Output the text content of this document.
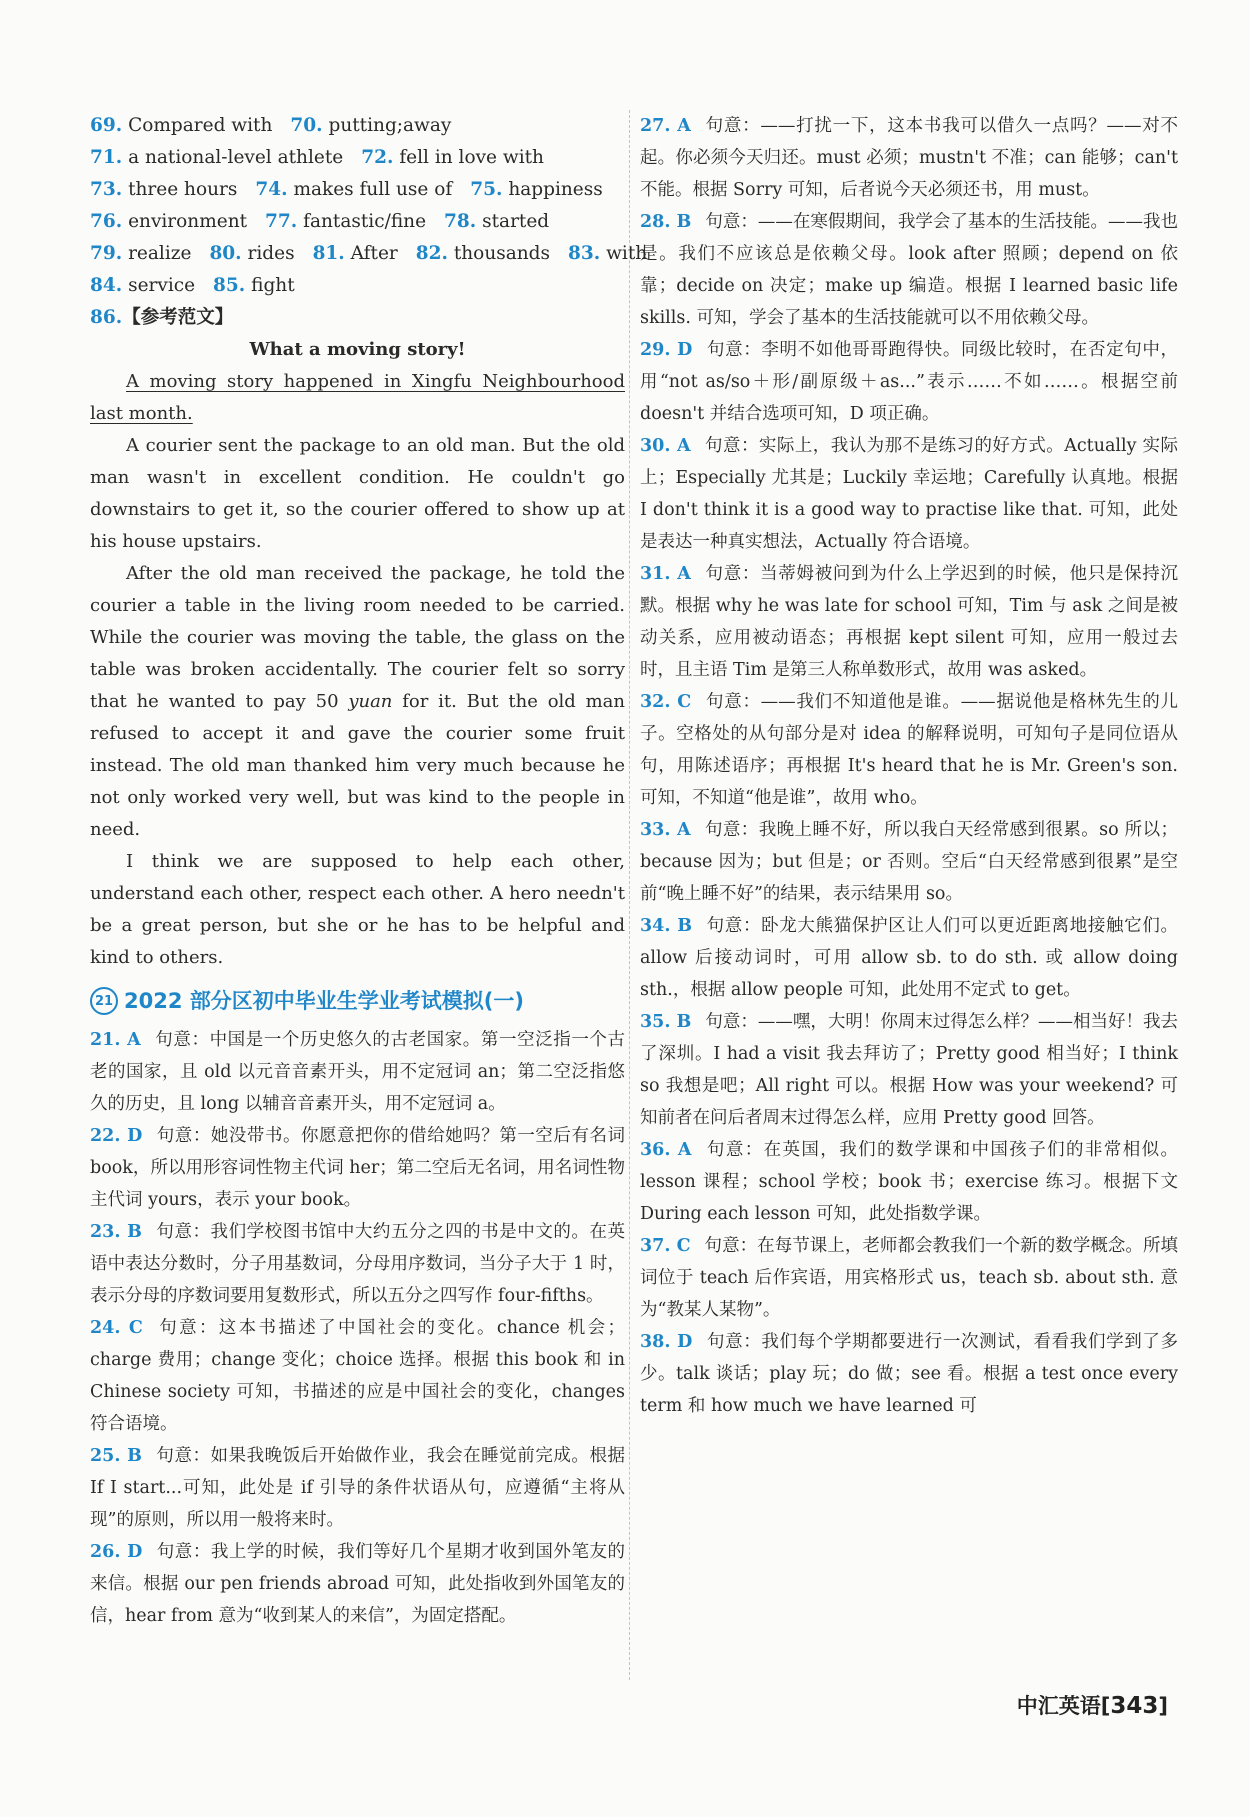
69. Compared with 70. putting;away
71. a national-level athlete 72. fell in love with
73. three hours 74. makes full use of 75. happiness
76. environment 77. fantastic/fine 78. started
79. realize 80. rides 81. After 82. thousands 83. with
84. service 85. fight
86.【参考范文】
What a moving story!

A moving story happened in Xingfu Neighbourhood last month.

A courier sent the package to an old man. But the old man wasn't in excellent condition. He couldn't go downstairs to get it, so the courier offered to show up at his house upstairs.

After the old man received the package, he told the courier a table in the living room needed to be carried. While the courier was moving the table, the glass on the table was broken accidentally. The courier felt so sorry that he wanted to pay 50 yuan for it. But the old man refused to accept it and gave the courier some fruit instead. The old man thanked him very much because he not only worked very well, but was kind to the people in need.

I think we are supposed to help each other, understand each other, respect each other. A hero needn't be a great person, but she or he has to be helpful and kind to others.

21 2022 部分区初中毕业生学业考试模拟(一)

21. A 句意：中国是一个历史悠久的古老国家。第一空泛指一个古老的国家，且 old 以元音音素开头，用不定冠词 an；第二空泛指悠久的历史，且 long 以辅音音素开头，用不定冠词 a。

22. D 句意：她没带书。你愿意把你的借给她吗？第一空后有名词 book，所以用形容词性物主代词 her；第二空后无名词，用名词性物主代词 yours，表示 your book。

23. B 句意：我们学校图书馆中大约五分之四的书是中文的。在英语中表达分数时，分子用基数词，分母用序数词，当分子大于 1 时，表示分母的序数词要用复数形式，所以五分之四写作 four-fifths。

24. C 句意：这本书描述了中国社会的变化。chance 机会；charge 费用；change 变化；choice 选择。根据 this book 和 in Chinese society 可知，书描述的应是中国社会的变化，changes 符合语境。

25. B 句意：如果我晚饭后开始做作业，我会在睡觉前完成。根据 If I start...可知，此处是 if 引导的条件状语从句，应遵循“主将从现”的原则，所以用一般将来时。

26. D 句意：我上学的时候，我们等好几个星期才收到国外笔友的来信。根据 our pen friends abroad 可知，此处指收到外国笔友的信，hear from 意为“收到某人的来信”，为固定搭配。

27. A 句意：——打扰一下，这本书我可以借久一点吗？——对不起。你必须今天归还。must 必须；mustn't 不准；can 能够；can't 不能。根据 Sorry 可知，后者说今天必须还书，用 must。

28. B 句意：——在寒假期间，我学会了基本的生活技能。——我也是。我们不应该总是依赖父母。look after 照顾；depend on 依靠；decide on 决定；make up 编造。根据 I learned basic life skills. 可知，学会了基本的生活技能就可以不用依赖父母。

29. D 句意：李明不如他哥哥跑得快。同级比较时，在否定句中，用“not as/so＋形/副原级＋as...”表示……不如……。根据空前 doesn't 并结合选项可知，D 项正确。

30. A 句意：实际上，我认为那不是练习的好方式。Actually 实际上；Especially 尤其是；Luckily 幸运地；Carefully 认真地。根据 I don't think it is a good way to practise like that. 可知，此处是表达一种真实想法，Actually 符合语境。

31. A 句意：当蒂姆被问到为什么上学迟到的时候，他只是保持沉默。根据 why he was late for school 可知，Tim 与 ask 之间是被动关系，应用被动语态；再根据 kept silent 可知，应用一般过去时，且主语 Tim 是第三人称单数形式，故用 was asked。

32. C 句意：——我们不知道他是谁。——据说他是格林先生的儿子。空格处的从句部分是对 idea 的解释说明，可知句子是同位语从句，用陈述语序；再根据 It's heard that he is Mr. Green's son. 可知，不知道“他是谁”，故用 who。

33. A 句意：我晚上睡不好，所以我白天经常感到很累。so 所以；because 因为；but 但是；or 否则。空后“白天经常感到很累”是空前“晚上睡不好”的结果，表示结果用 so。

34. B 句意：卧龙大熊猫保护区让人们可以更近距离地接触它们。allow 后接动词时，可用 allow sb. to do sth. 或 allow doing sth.，根据 allow people 可知，此处用不定式 to get。

35. B 句意：——嘿，大明！你周末过得怎么样？——相当好！我去了深圳。I had a visit 我去拜访了；Pretty good 相当好；I think so 我想是吧；All right 可以。根据 How was your weekend? 可知前者在问后者周末过得怎么样，应用 Pretty good 回答。

36. A 句意：在英国，我们的数学课和中国孩子们的非常相似。lesson 课程；school 学校；book 书；exercise 练习。根据下文 During each lesson 可知，此处指数学课。

37. C 句意：在每节课上，老师都会教我们一个新的数学概念。所填词位于 teach 后作宾语，用宾格形式 us，teach sb. about sth. 意为“教某人某物”。

38. D 句意：我们每个学期都要进行一次测试，看看我们学到了多少。talk 谈话；play 玩；do 做；see 看。根据 a test once every term 和 how much we have learned 可

中汇英语[343]
